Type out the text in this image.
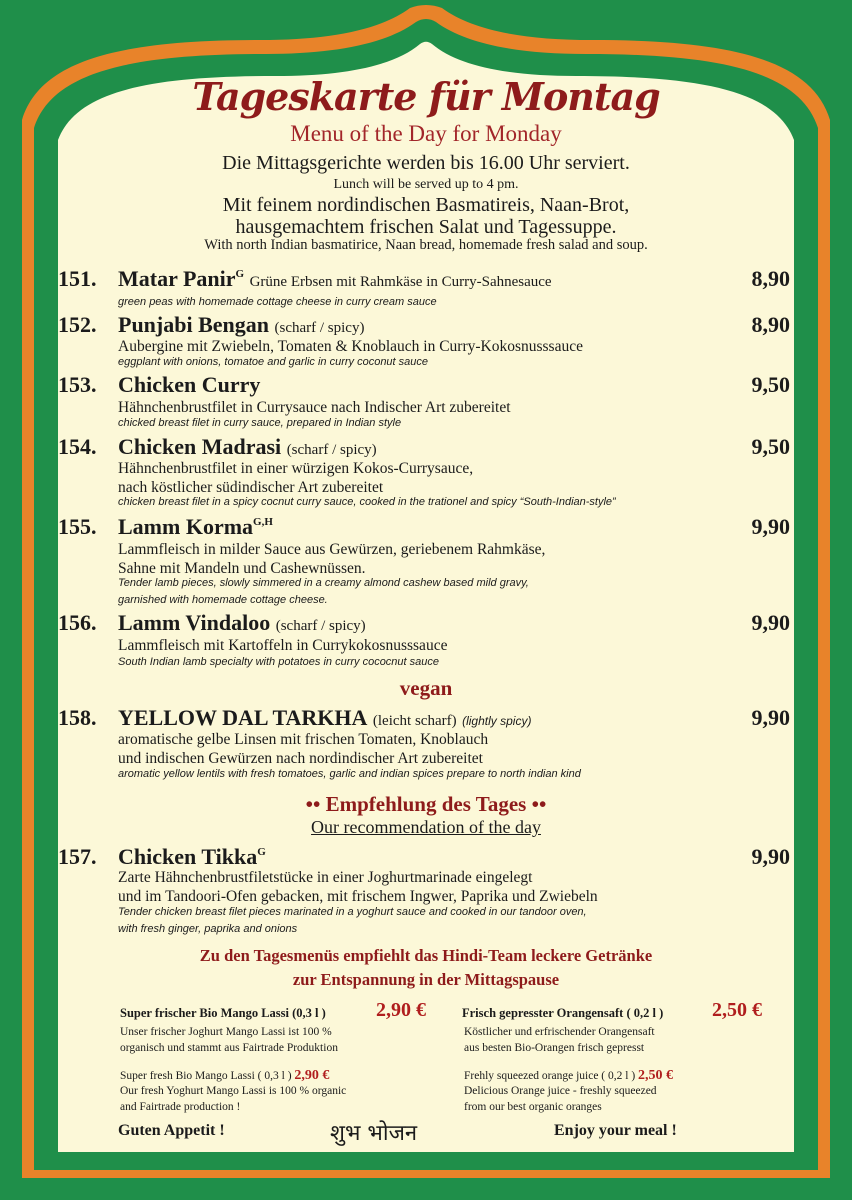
Tageskarte für Montag
Menu of the Day for Monday
Die Mittagsgerichte werden bis 16.00 Uhr serviert.
Lunch will be served up to 4 pm.
Mit feinem nordindischen Basmatireis, Naan-Brot,
hausgemachtem frischen Salat und Tagessuppe.
With north Indian basmatirice, Naan bread, homemade fresh salad and soup.
151. Matar Panir$^G$ Grüne Erbsen mit Rahmkäse in Curry-Sahnesauce	8,90
green peas with homemade cottage cheese in curry cream sauce
152. Punjabi Bengan (scharf / spicy)	8,90
Aubergine mit Zwiebeln, Tomaten & Knoblauch in Curry-Kokosnusssauce
eggplant with onions, tomatoe and garlic in curry coconut sauce
153. Chicken Curry	9,50
Hähnchenbrustfilet in Currysauce nach Indischer Art zubereitet
chicked breast filet in curry sauce, prepared in Indian style
154. Chicken Madrasi (scharf / spicy)	9,50
Hähnchenbrustfilet in einer würzigen Kokos-Currysauce,
nach köstlicher südindischer Art zubereitet
chicken breast filet in a spicy cocnut curry sauce, cooked in the trationel and spicy “South-Indian-style”
155. Lamm Korma$^{G,H}$	9,90
Lammfleisch in milder Sauce aus Gewürzen, geriebenem Rahmkäse,
Sahne mit Mandeln und Cashewnüssen.
Tender lamb pieces, slowly simmered in a creamy almond cashew based mild gravy,
garnished with homemade cottage cheese.
156. Lamm Vindaloo (scharf / spicy)	9,90
Lammfleisch mit Kartoffeln in Currykokosnusssauce
South Indian lamb specialty with potatoes in curry cococnut sauce
vegan
158. YELLOW DAL TARKHA (leicht scharf) (lightly spicy)	9,90
aromatische gelbe Linsen mit frischen Tomaten, Knoblauch
und indischen Gewürzen nach nordindischer Art zubereitet
aromatic yellow lentils with fresh tomatoes, garlic and indian spices prepare to north indian kind
•• Empfehlung des Tages ••
Our recommendation of the day
157. Chicken Tikka$^G$	9,90
Zarte Hähnchenbrustfiletstücke in einer Joghurtmarinade eingelegt
und im Tandoori-Ofen gebacken, mit frischem Ingwer, Paprika und Zwiebeln
Tender chicken breast filet pieces marinated in a yoghurt sauce and cooked in our tandoor oven,
with fresh ginger, paprika and onions
Zu den Tagesmenüs empfiehlt das Hindi-Team leckere Getränke
zur Entspannung in der Mittagspause
Super frischer Bio Mango Lassi (0,3 l )	2,90 €
Unser frischer Joghurt Mango Lassi ist 100 %
organisch und stammt aus Fairtrade Produktion
Super fresh Bio Mango Lassi ( 0,3 l ) 2,90 €
Our fresh Yoghurt Mango Lassi is 100 % organic
and Fairtrade production !
Frisch gepresster Orangensaft ( 0,2 l ) 2,50 €
Köstlicher und erfrischender Orangensaft
aus besten Bio-Orangen frisch gepresst
Frehly squeezed orange juice ( 0,2 l ) 2,50 €
Delicious Orange juice - freshly squeezed
from our best organic oranges
Guten Appetit !	शुभ भोजन	Enjoy your meal !
